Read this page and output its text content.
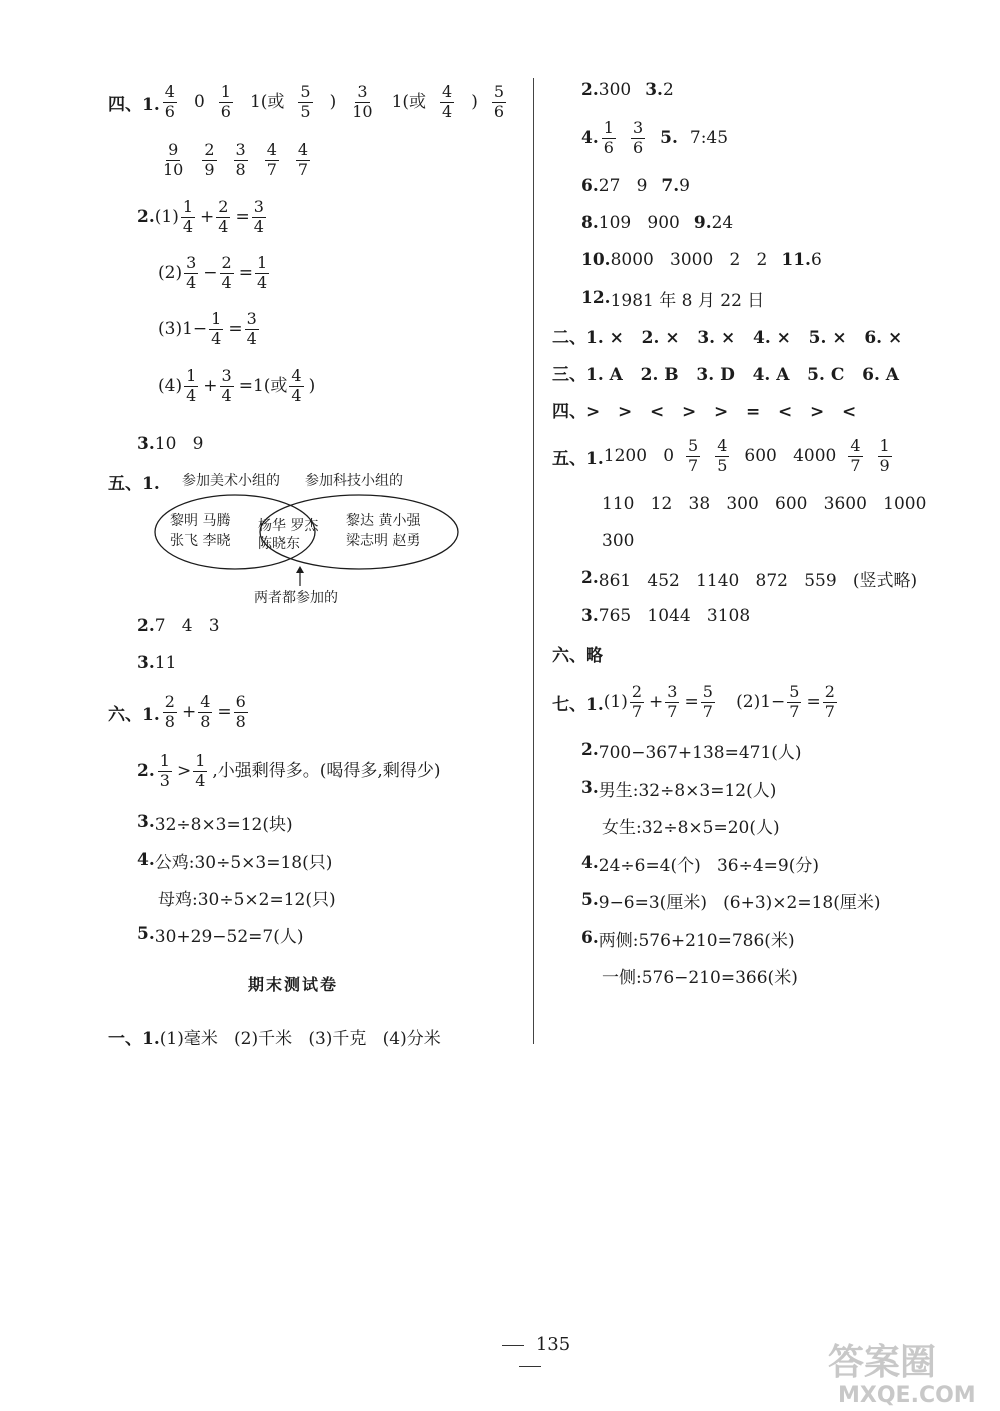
四、1. $\frac{4}{6} 0 \frac{1}{6} 1$(或 $\frac{5}{5}$ ) $\frac{3}{10} 1$(或 $\frac{4}{4}$ ) $\frac{5}{6}$
$\frac{9}{10} \frac{2}{9} \frac{3}{8} \frac{4}{7} \frac{4}{7}$
2. $(1) \frac{1}{4} + \frac{2}{4} = \frac{3}{4}$
$(2) \frac{3}{4} - \frac{2}{4} = \frac{1}{4}$
$(3)1- \frac{1}{4} = \frac{3}{4}$
$(4) \frac{1}{4} + \frac{3}{4} =1$(或 $\frac{4}{4}$ )
3. 10   9
五、1. 参加美术小组的 参加科技小组的
黎明 马腾
张飞 李晓
杨华 罗杰
陈晓东
黎达 黄小强
梁志明 赵勇
两者都参加的
2. 7   4   3
3. 11
六、1. $\frac{2}{8} + \frac{4}{8} = \frac{6}{8}$
2. $\frac{1}{3} > \frac{1}{4}$ ,小强剩得多。(喝得多,剩得少)
3. 32÷8×3=12(块)
4. 公鸡:30÷5×3=18(只)
母鸡:30÷5×2=12(只)
5. 30+29−52=7(人)
一、1. (1)毫米   (2)千米   (3)千克   (4)分米
期末测试卷
2. 300 3. 2
4. $\frac{1}{6} \frac{3}{6} 5$. 7:45
6. 27   9 7. 9
8. 109   900 9. 24
10. 8000   3000   2   2 11. 6
12. 1981 年 8 月 22 日
二、1. ×   2. ×   3. ×   4. ×   5. ×   6. ×
三、1. A   2. B   3. D   4. A   5. C   6. A
四、>   >   <   >   >   =   <   >   <
五、1. 1200   $0 \frac{5}{7} \frac{4}{5} 600$   $4000 \frac{4}{7} \frac{1}{9}$
110   12   38   300   600   3600   1000
300
2. 861   452   1140   872   559   (竖式略)
3. 765   1044   3108
六、略
七、1. $(1) \frac{2}{7} + \frac{3}{7} = \frac{5}{7} (2)1- \frac{5}{7} = \frac{2}{7}$
2. 700−367+138=471(人)
3. 男生:32÷8×3=12(人)
女生:32÷8×5=20(人)
4. 24÷6=4(个)   36÷4=9(分)
5. 9−6=3(厘米)   (6+3)×2=18(厘米)
6. 两侧:576+210=786(米)
一侧:576−210=366(米)
135	答案圈
MXQE.COM
